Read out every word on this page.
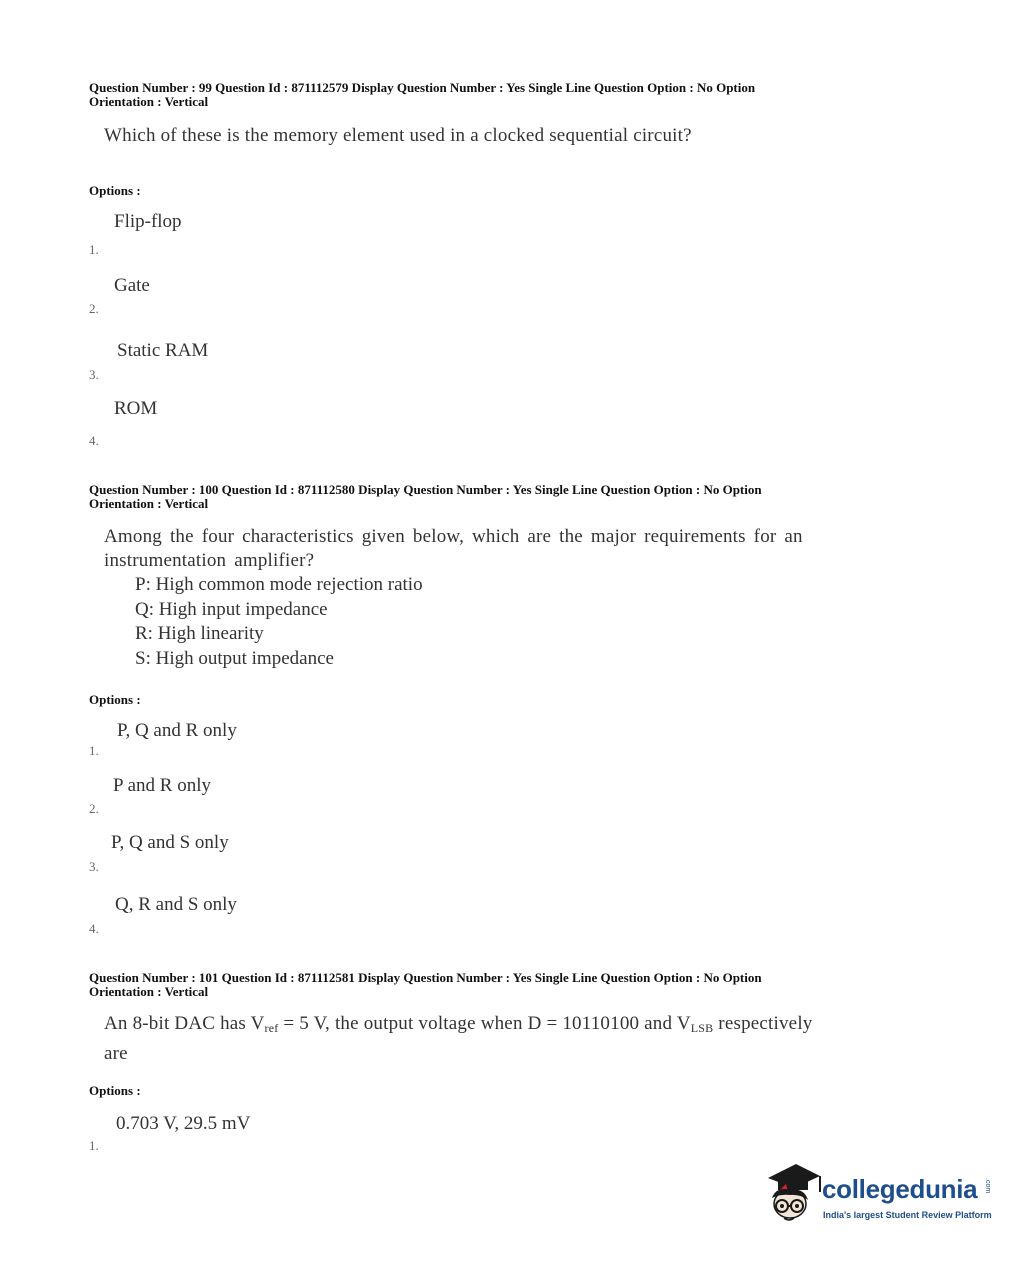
Question Number : 99 Question Id : 871112579 Display Question Number : Yes Single Line Question Option : No Option
Orientation : Vertical
Which of these is the memory element used in a clocked sequential circuit?
Options :
Flip-flop
1.
Gate
2.
Static RAM
3.
ROM
4.
Question Number : 100 Question Id : 871112580 Display Question Number : Yes Single Line Question Option : No Option
Orientation : Vertical
Among the four characteristics given below, which are the major requirements for an
instrumentation amplifier?
P: High common mode rejection ratio
Q: High input impedance
R: High linearity
S: High output impedance
Options :
P, Q and R only
1.
P and R only
2.
P, Q and S only
3.
Q, R and S only
4.
Question Number : 101 Question Id : 871112581 Display Question Number : Yes Single Line Question Option : No Option
Orientation : Vertical
An 8-bit DAC has $V_{ref} = 5$ V, the output voltage when D = 10110100 and $V_{LSB}$ respectively
are
Options :
0.703 V, 29.5 mV
1.
collegedunia .com
India's largest Student Review Platform
